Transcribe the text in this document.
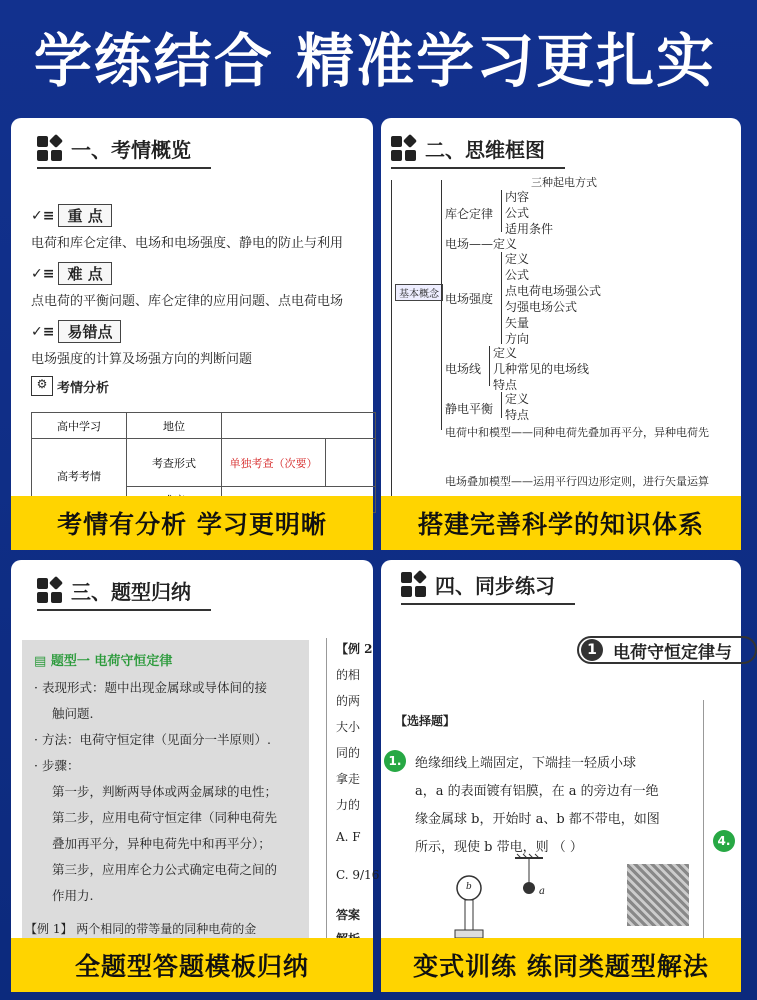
学练结合 精准学习更扎实
一、考情概览
✓≡ 重 点
电荷和库仑定律、电场和电场强度、静电的防止与利用
✓≡ 难 点
点电荷的平衡问题、库仑定律的应用问题、点电荷电场
✓≡ 易错点
电场强度的计算及场强方向的判断问题
⚙ 考情分析
高中学习	地位		
高考考情	考查形式	单独考查（次要）	

考情有分析 学习更明晰
二、思维框图
基本概念
三种起电方式
库仑定律
内容
公式
适用条件
电场——定义
电场强度
定义
公式
点电荷电场强公式
匀强电场公式
矢量
方向
电场线
定义
几种常见的电场线
特点
静电平衡
定义
特点
电荷中和模型——同种电荷先叠加再平分，异种电荷先
电场叠加模型——运用平行四边形定则，进行矢量运算
搭建完善科学的知识体系
三、题型归纳
▤ 题型一 电荷守恒定律
· 表现形式：题中出现金属球或导体间的接
触问题.
· 方法：电荷守恒定律（见面分一半原则）.
· 步骤：
第一步，判断两导体或两金属球的电性；
第二步，应用电荷守恒定律（同种电荷先
叠加再平分，异种电荷先中和再平分）；
第三步，应用库仑力公式确定电荷之间的
作用力.
【例 1】 两个相同的带等量的同种电荷的金
【例 2
的相
的两
大小
同的
拿走
力的
A. F
C. 9/16
答案
全题型答题模板归纳
四、同步练习
1 电荷守恒定律与
【选择题】
1.	绝缘细线上端固定，下端挂一轻质小球
a，a 的表面镀有铝膜，在 a 的旁边有一绝
缘金属球 b，开始时 a、b 都不带电，如图
所示，现使 b 带电，则 （ ）	4.
b	a
变式训练 练同类题型解法
